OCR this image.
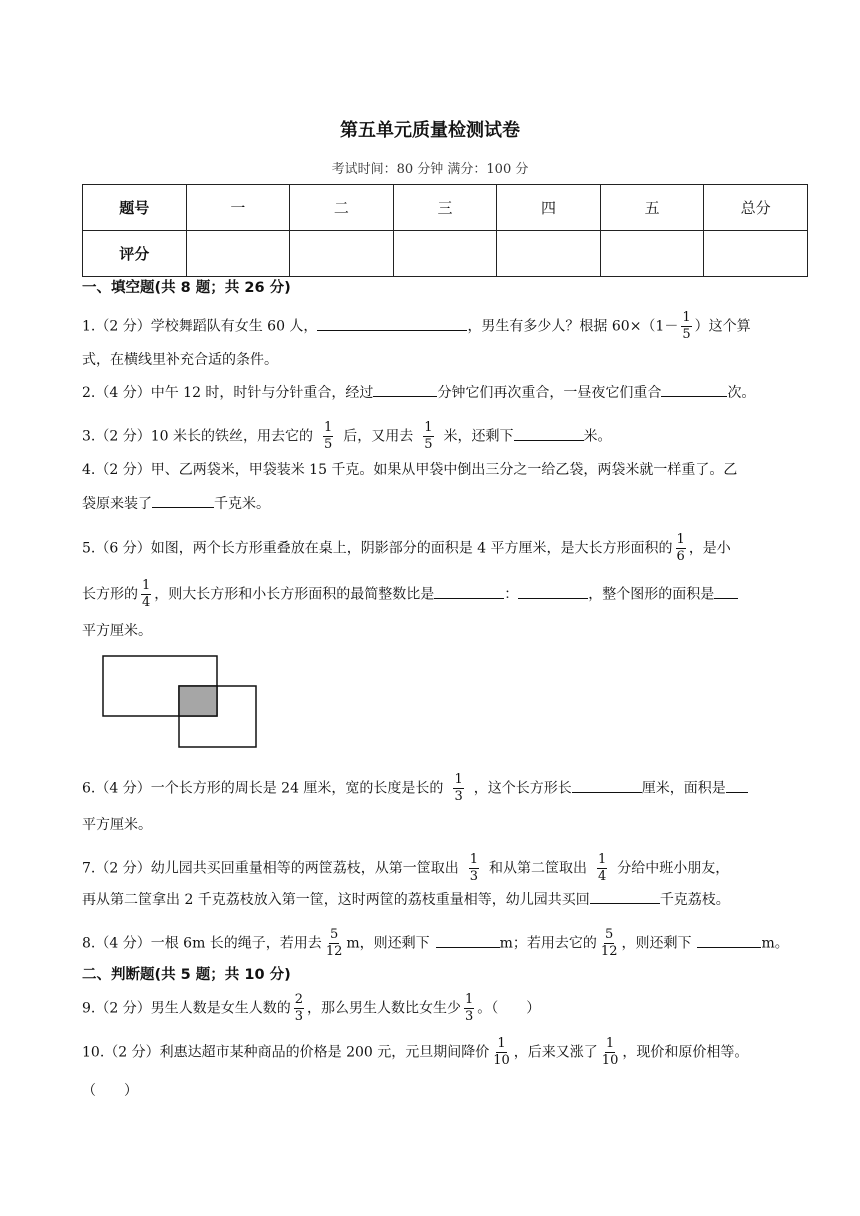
第五单元质量检测试卷
考试时间：80 分钟 满分：100 分
题号	一	二	三	四	五	总分
评分						
一、填空题(共 8 题；共 26 分)
1.（2 分）学校舞蹈队有女生 60 人，	，男生有多少人？根据 $60\times(1- \frac{1}{5}$ ）这个算
式，在横线里补充合适的条件。
2.（4 分）中午 12 时，时针与分针重合，经过	分钟它们再次重合，一昼夜它们重合	次。
3.（2 分）10 米长的铁丝，用去它的 $\frac{1}{5}$ 后，又用去 $\frac{1}{5}$ 米，还剩下	米。
4.（2 分）甲、乙两袋米，甲袋装米 15 千克。如果从甲袋中倒出三分之一给乙袋，两袋米就一样重了。乙
袋原来装了	千克米。
5.（6 分）如图，两个长方形重叠放在桌上，阴影部分的面积是 4 平方厘米，是大长方形面积的 $\frac{1}{6}$ ，是小
长方形的 $\frac{1}{4}$ ，则大长方形和小长方形面积的最简整数比是	：	，整个图形的面积是
平方厘米。
6.（4 分）一个长方形的周长是 24 厘米，宽的长度是长的 $\frac{1}{3}$ ，这个长方形长	厘米，面积是
平方厘米。
7.（2 分）幼儿园共买回重量相等的两筐荔枝，从第一筐取出 $\frac{1}{3}$ 和从第二筐取出 $\frac{1}{4}$ 分给中班小朋友，
再从第二筐拿出 2 千克荔枝放入第一筐，这时两筐的荔枝重量相等，幼儿园共买回	千克荔枝。
8.（4 分）一根 6m 长的绳子，若用去 $\frac{5}{12}$ m，则还剩下	m；若用去它的 $\frac{5}{12}$ ，则还剩下	m。
二、判断题(共 5 题；共 10 分)
9.（2 分）男生人数是女生人数的 $\frac{2}{3}$ ，那么男生人数比女生少 $\frac{1}{3}$ 。（　　）
10.（2 分）利惠达超市某种商品的价格是 200 元，元旦期间降价 $\frac{1}{10}$ ，后来又涨了 $\frac{1}{10}$ ，现价和原价相等。
（　　）
